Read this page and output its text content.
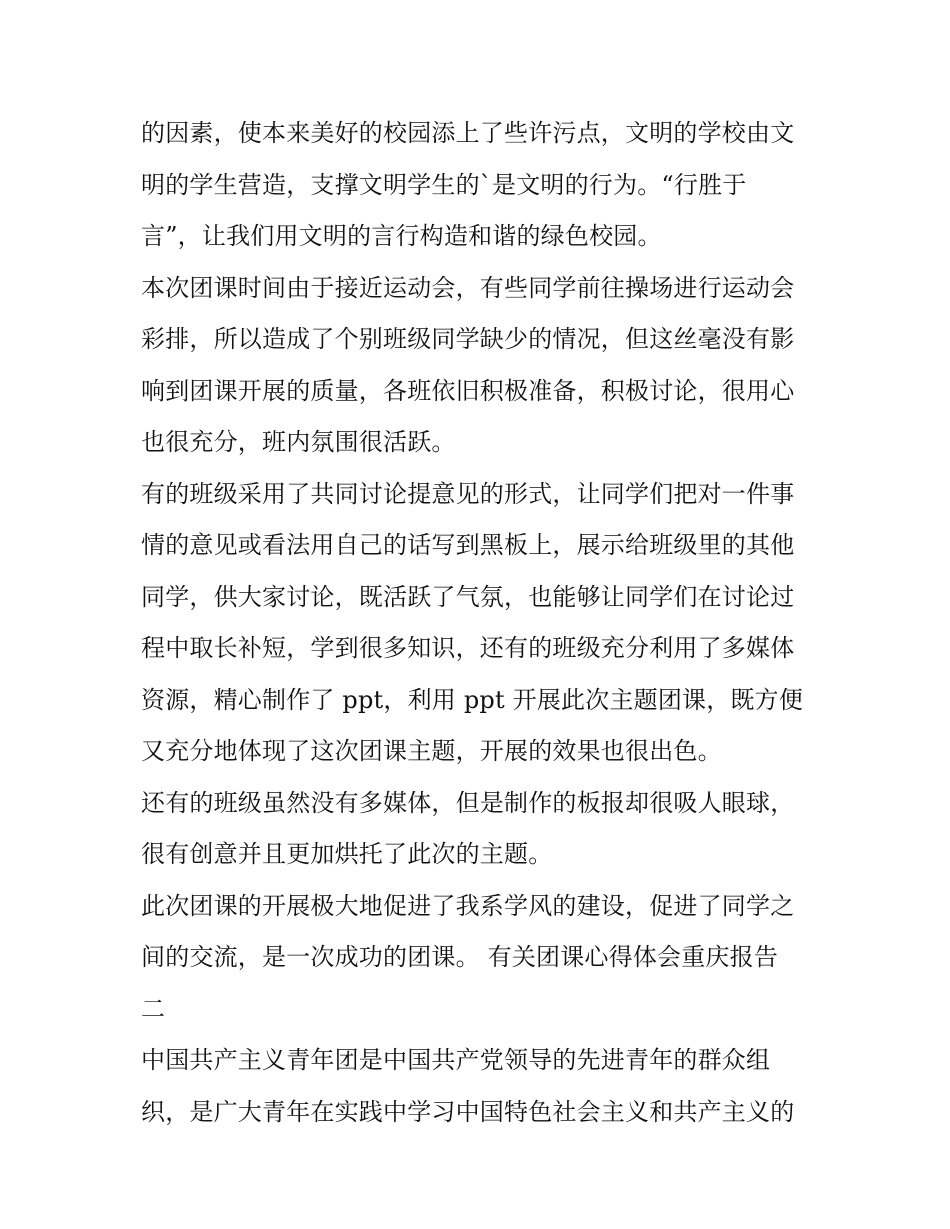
的因素，使本来美好的校园添上了些许污点，文明的学校由文
明的学生营造，支撑文明学生的`是文明的行为。“行胜于
言”，让我们用文明的言行构造和谐的绿色校园。
本次团课时间由于接近运动会，有些同学前往操场进行运动会
彩排，所以造成了个别班级同学缺少的情况，但这丝毫没有影
响到团课开展的质量，各班依旧积极准备，积极讨论，很用心
也很充分，班内氛围很活跃。
有的班级采用了共同讨论提意见的形式，让同学们把对一件事
情的意见或看法用自己的话写到黑板上，展示给班级里的其他
同学，供大家讨论，既活跃了气氛，也能够让同学们在讨论过
程中取长补短，学到很多知识，还有的班级充分利用了多媒体
资源，精心制作了 ppt，利用 ppt 开展此次主题团课，既方便
又充分地体现了这次团课主题，开展的效果也很出色。
还有的班级虽然没有多媒体，但是制作的板报却很吸人眼球，
很有创意并且更加烘托了此次的主题。
此次团课的开展极大地促进了我系学风的建设，促进了同学之
间的交流，是一次成功的团课。 有关团课心得体会重庆报告
二
中国共产主义青年团是中国共产党领导的先进青年的群众组
织，是广大青年在实践中学习中国特色社会主义和共产主义的
